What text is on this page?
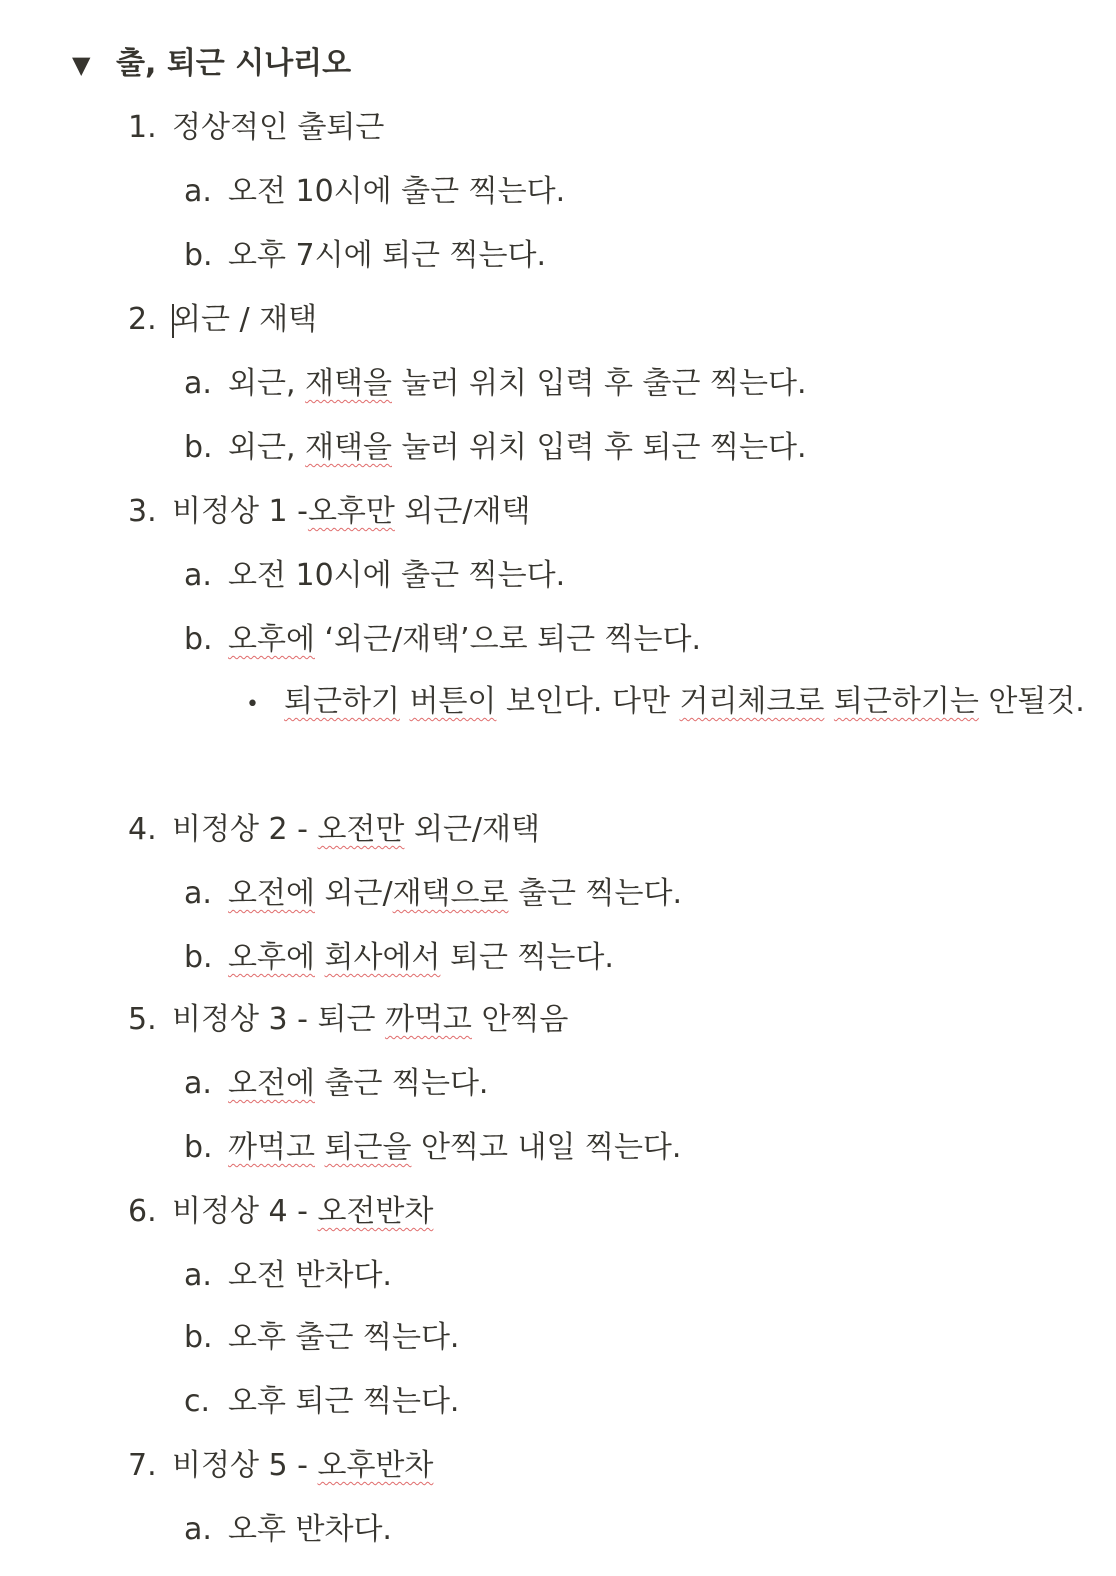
▼ 출, 퇴근 시나리오
1. 정상적인 출퇴근
a. 오전 10시에 출근 찍는다.
b. 오후 7시에 퇴근 찍는다.
2. 외근 / 재택
a. 외근, 재택을 눌러 위치 입력 후 출근 찍는다.
b. 외근, 재택을 눌러 위치 입력 후 퇴근 찍는다.
3. 비정상 1 -오후만 외근/재택
a. 오전 10시에 출근 찍는다.
b. 오후에 ‘외근/재택’으로 퇴근 찍는다.
• 퇴근하기 버튼이 보인다. 다만 거리체크로 퇴근하기는 안될것.
4. 비정상 2 - 오전만 외근/재택
a. 오전에 외근/재택으로 출근 찍는다.
b. 오후에 회사에서 퇴근 찍는다.
5. 비정상 3 - 퇴근 까먹고 안찍음
a. 오전에 출근 찍는다.
b. 까먹고 퇴근을 안찍고 내일 찍는다.
6. 비정상 4 - 오전반차
a. 오전 반차다.
b. 오후 출근 찍는다.
c. 오후 퇴근 찍는다.
7. 비정상 5 - 오후반차
a. 오후 반차다.
